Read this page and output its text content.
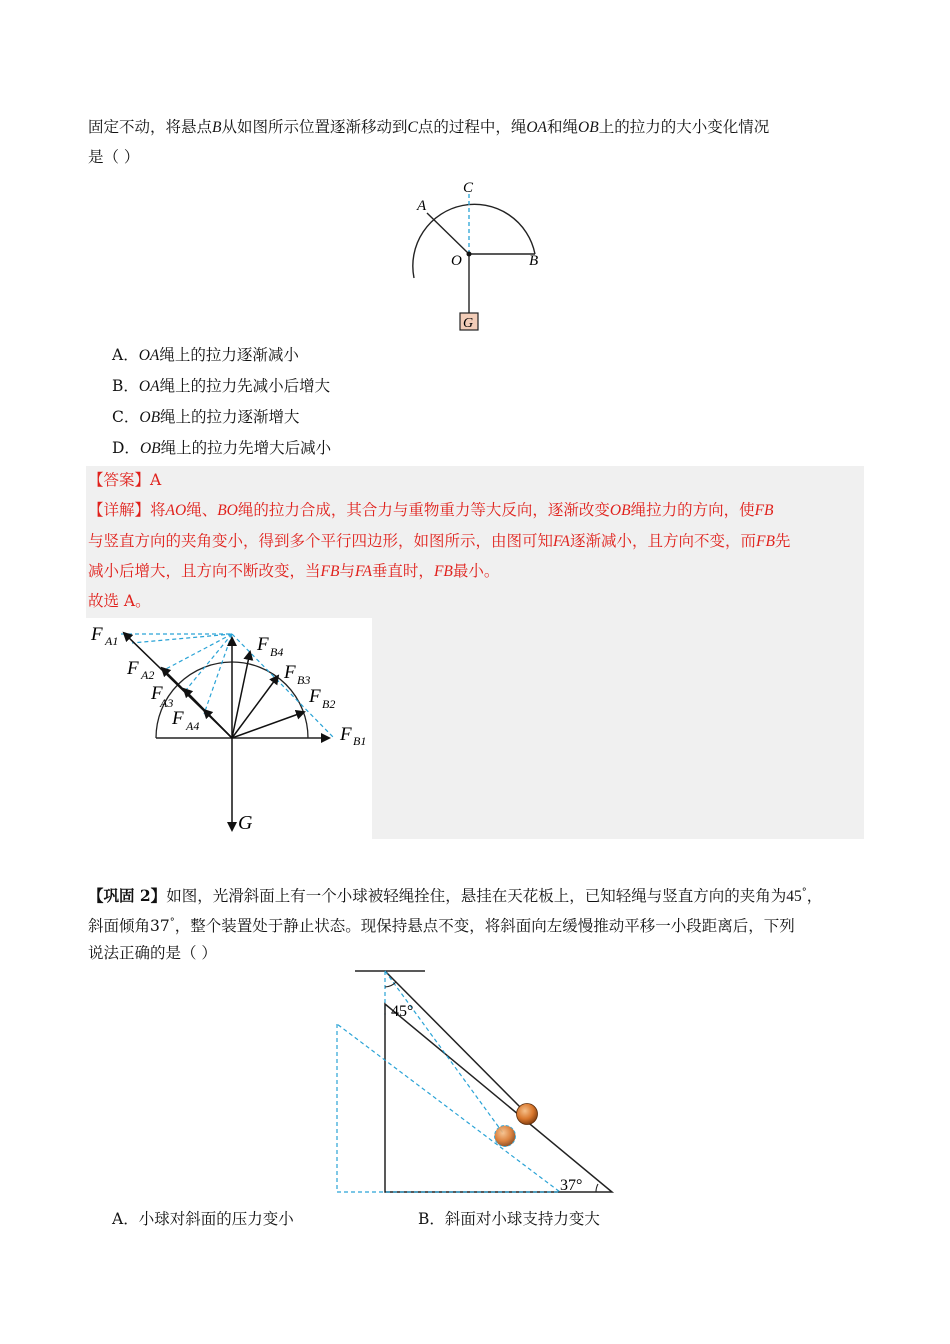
固定不动，将悬点B从如图所示位置逐渐移动到C点的过程中，绳OA和绳OB上的拉力的大小变化情况
是（ ）
A
C
O	B
G
A．OA绳上的拉力逐渐减小
B．OA绳上的拉力先减小后增大
C．OB绳上的拉力逐渐增大
D．OB绳上的拉力先增大后减小
【答案】A
【详解】将AO绳、BO绳的拉力合成，其合力与重物重力等大反向，逐渐改变OB绳拉力的方向，使FB
与竖直方向的夹角变小，得到多个平行四边形，如图所示，由图可知FA逐渐减小，且方向不变，而FB先
减小后增大，且方向不断改变，当FB与FA垂直时，FB最小。
故选 A。
F A1
F A2
F
A3
F A4
F B4
F B3
F B2
F B1
G
【巩固 2】如图，光滑斜面上有一个小球被轻绳拴住，悬挂在天花板上，已知轻绳与竖直方向的夹角为45°，
斜面倾角37°，整个装置处于静止状态。现保持悬点不变，将斜面向左缓慢推动平移一小段距离后，下列
说法正确的是（ ）
45°
37°
A．小球对斜面的压力变小	B．斜面对小球支持力变大
